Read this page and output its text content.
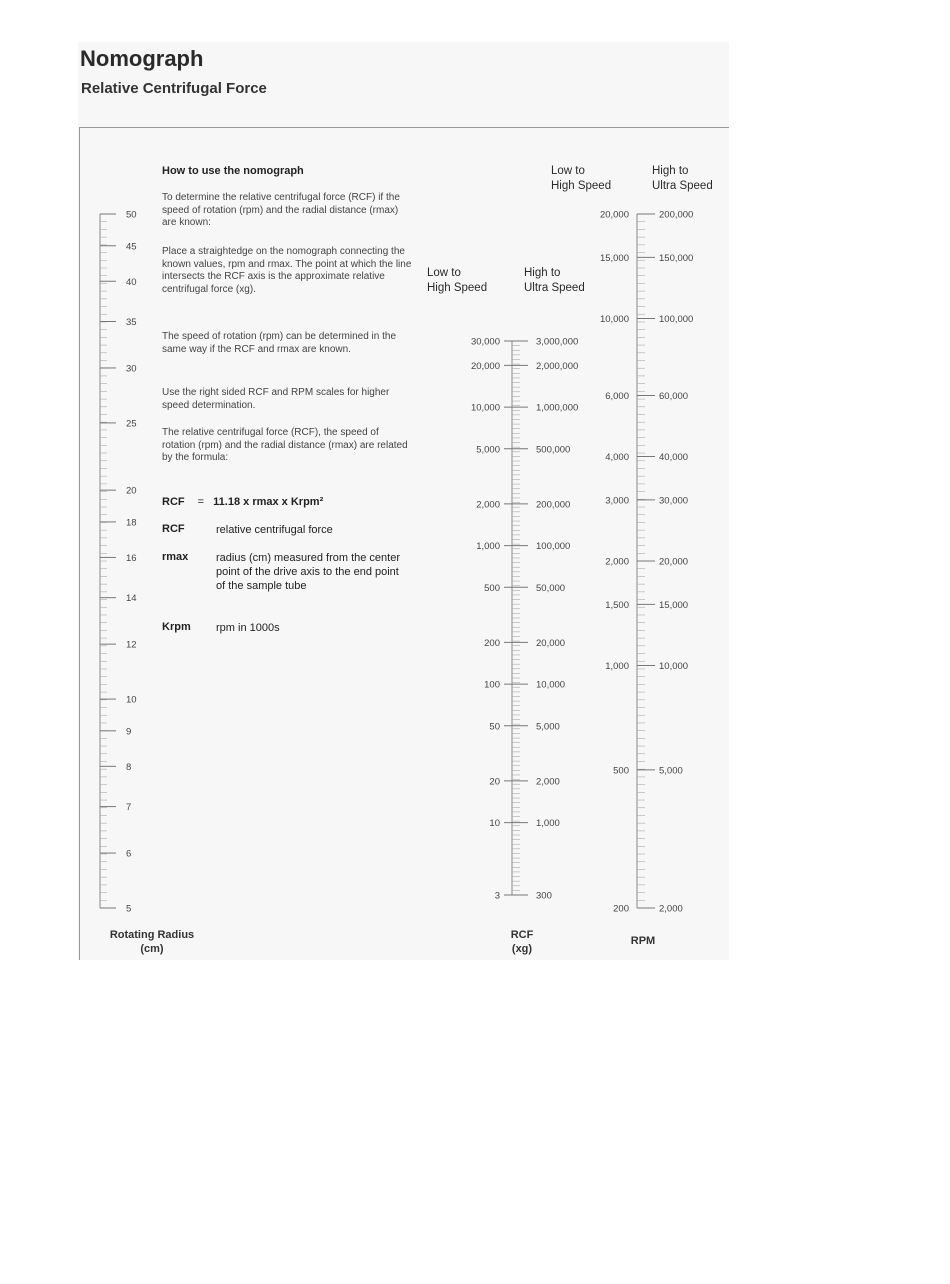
Nomograph
Relative Centrifugal Force

How to use the nomograph

To determine the relative centrifugal force (RCF) if the speed of rotation (rpm) and the radial distance (rmax) are known:

Place a straightedge on the nomograph connecting the known values, rpm and rmax. The point at which the line intersects the RCF axis is the approximate relative centrifugal force (xg).

The speed of rotation (rpm) can be determined in the same way if the RCF and rmax are known.

Use the right sided RCF and RPM scales for higher speed determination.

The relative centrifugal force (RCF), the speed of rotation (rpm) and the radial distance (rmax) are related by the formula:

RCF = 11.18 x rmax x Krpm²
RCF	relative centrifugal force
rmax	radius (cm) measured from the center point of the drive axis to the end point of the sample tube
Krpm rpm in 1000s
Low to
High Speed
High to
Ultra Speed
Low to
High Speed
High to
Ultra Speed
Rotating Radius (cm)
RCF (xg)
RPM
50
45
40
35
30
25
20
18
16
14
12
10
9
8
7
6
5
30,000
20,000
10,000
5,000
2,000
1,000
500
200
100
50
20
10
3
3,000,000
2,000,000
1,000,000
500,000
200,000
100,000
50,000
20,000
10,000
5,000
2,000
1,000
300
20,000
15,000
10,000
6,000
4,000
3,000
2,000
1,500
1,000
500
200
200,000
150,000
100,000
60,000
40,000
30,000
20,000
15,000
10,000
5,000
2,000
